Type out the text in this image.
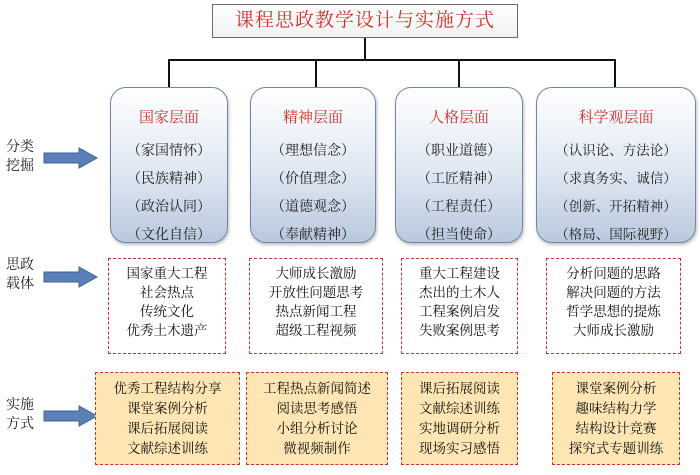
课程思政教学设计与实施方式
分类
挖掘
思政
载体
实施
方式
国家层面
（家国情怀）
（民族精神）
（政治认同）
（文化自信）
国家重大工程
社会热点
传统文化
优秀土木遗产
优秀工程结构分享
课堂案例分析
课后拓展阅读
文献综述训练
精神层面
（理想信念）
（价值理念）
（道德观念）
（奉献精神）
大师成长激励
开放性问题思考
热点新闻工程
超级工程视频
工程热点新闻简述
阅读思考感悟
小组分析讨论
微视频制作
人格层面
（职业道德）
（工匠精神）
（工程责任）
（担当使命）
重大工程建设
杰出的土木人
工程案例启发
失败案例思考
课后拓展阅读
文献综述训练
实地调研分析
现场实习感悟
科学观层面
（认识论、方法论）
（求真务实、诚信）
（创新、开拓精神）
（格局、国际视野）
分析问题的思路
解决问题的方法
哲学思想的提炼
大师成长激励
课堂案例分析
趣味结构力学
结构设计竞赛
探究式专题训练
